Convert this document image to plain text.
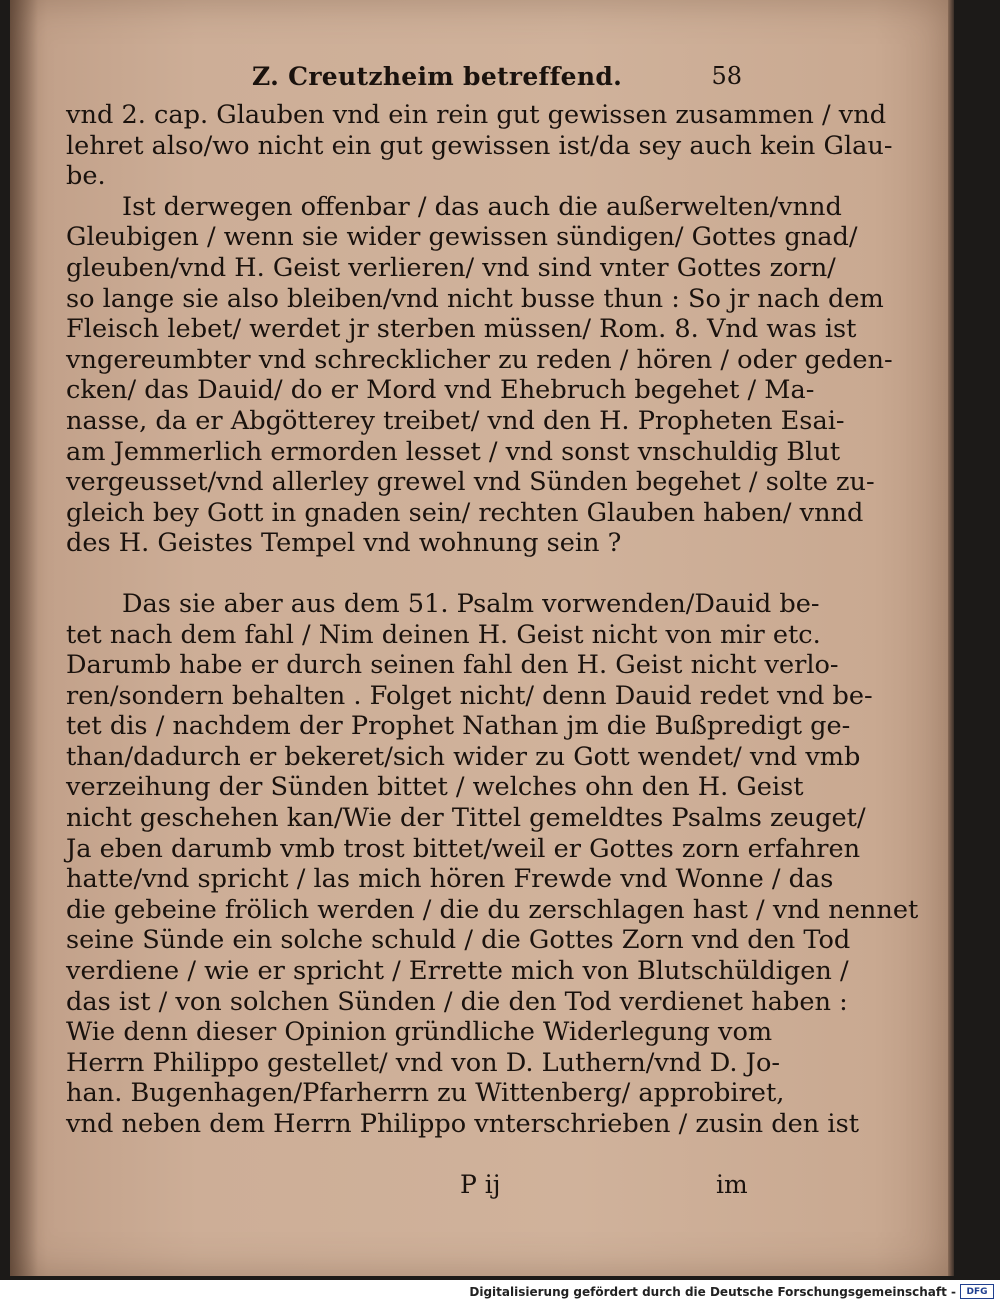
Z. Creutzheim betreffend.	58
vnd 2. cap. Glauben vnd ein rein gut gewissen zusammen / vnd
lehret also/wo nicht ein gut gewissen ist/da sey auch kein Glau-
be.
Ist derwegen offenbar / das auch die außerwelten/vnnd
Gleubigen / wenn sie wider gewissen sündigen/ Gottes gnad/
gleuben/vnd H. Geist verlieren/ vnd sind vnter Gottes zorn/
so lange sie also bleiben/vnd nicht busse thun : So jr nach dem
Fleisch lebet/ werdet jr sterben müssen/ Rom. 8. Vnd was ist
vngereumbter vnd schrecklicher zu reden / hören / oder geden-
cken/ das Dauid/ do er Mord vnd Ehebruch begehet / Ma-
nasse, da er Abgötterey treibet/ vnd den H. Propheten Esai-
am Jemmerlich ermorden lesset / vnd sonst vnschuldig Blut
vergeusset/vnd allerley grewel vnd Sünden begehet / solte zu-
gleich bey Gott in gnaden sein/ rechten Glauben haben/ vnnd
des H. Geistes Tempel vnd wohnung sein ?
Das sie aber aus dem 51. Psalm vorwenden/Dauid be-
tet nach dem fahl / Nim deinen H. Geist nicht von mir etc.
Darumb habe er durch seinen fahl den H. Geist nicht verlo-
ren/sondern behalten . Folget nicht/ denn Dauid redet vnd be-
tet dis / nachdem der Prophet Nathan jm die Bußpredigt ge-
than/dadurch er bekeret/sich wider zu Gott wendet/ vnd vmb
verzeihung der Sünden bittet / welches ohn den H. Geist
nicht geschehen kan/Wie der Tittel gemeldtes Psalms zeuget/
Ja eben darumb vmb trost bittet/weil er Gottes zorn erfahren
hatte/vnd spricht / las mich hören Frewde vnd Wonne / das
die gebeine frölich werden / die du zerschlagen hast / vnd nennet
seine Sünde ein solche schuld / die Gottes Zorn vnd den Tod
verdiene / wie er spricht / Errette mich von Blutschüldigen /
das ist / von solchen Sünden / die den Tod verdienet haben :
Wie denn dieser Opinion gründliche Widerlegung vom
Herrn Philippo gestellet/ vnd von D. Luthern/vnd D. Jo-
han. Bugenhagen/Pfarherrn zu Wittenberg/ approbiret,
vnd neben dem Herrn Philippo vnterschrieben / zusin den ist
P ij	im
Digitalisierung gefördert durch die Deutsche Forschungsgemeinschaft -	DFG
